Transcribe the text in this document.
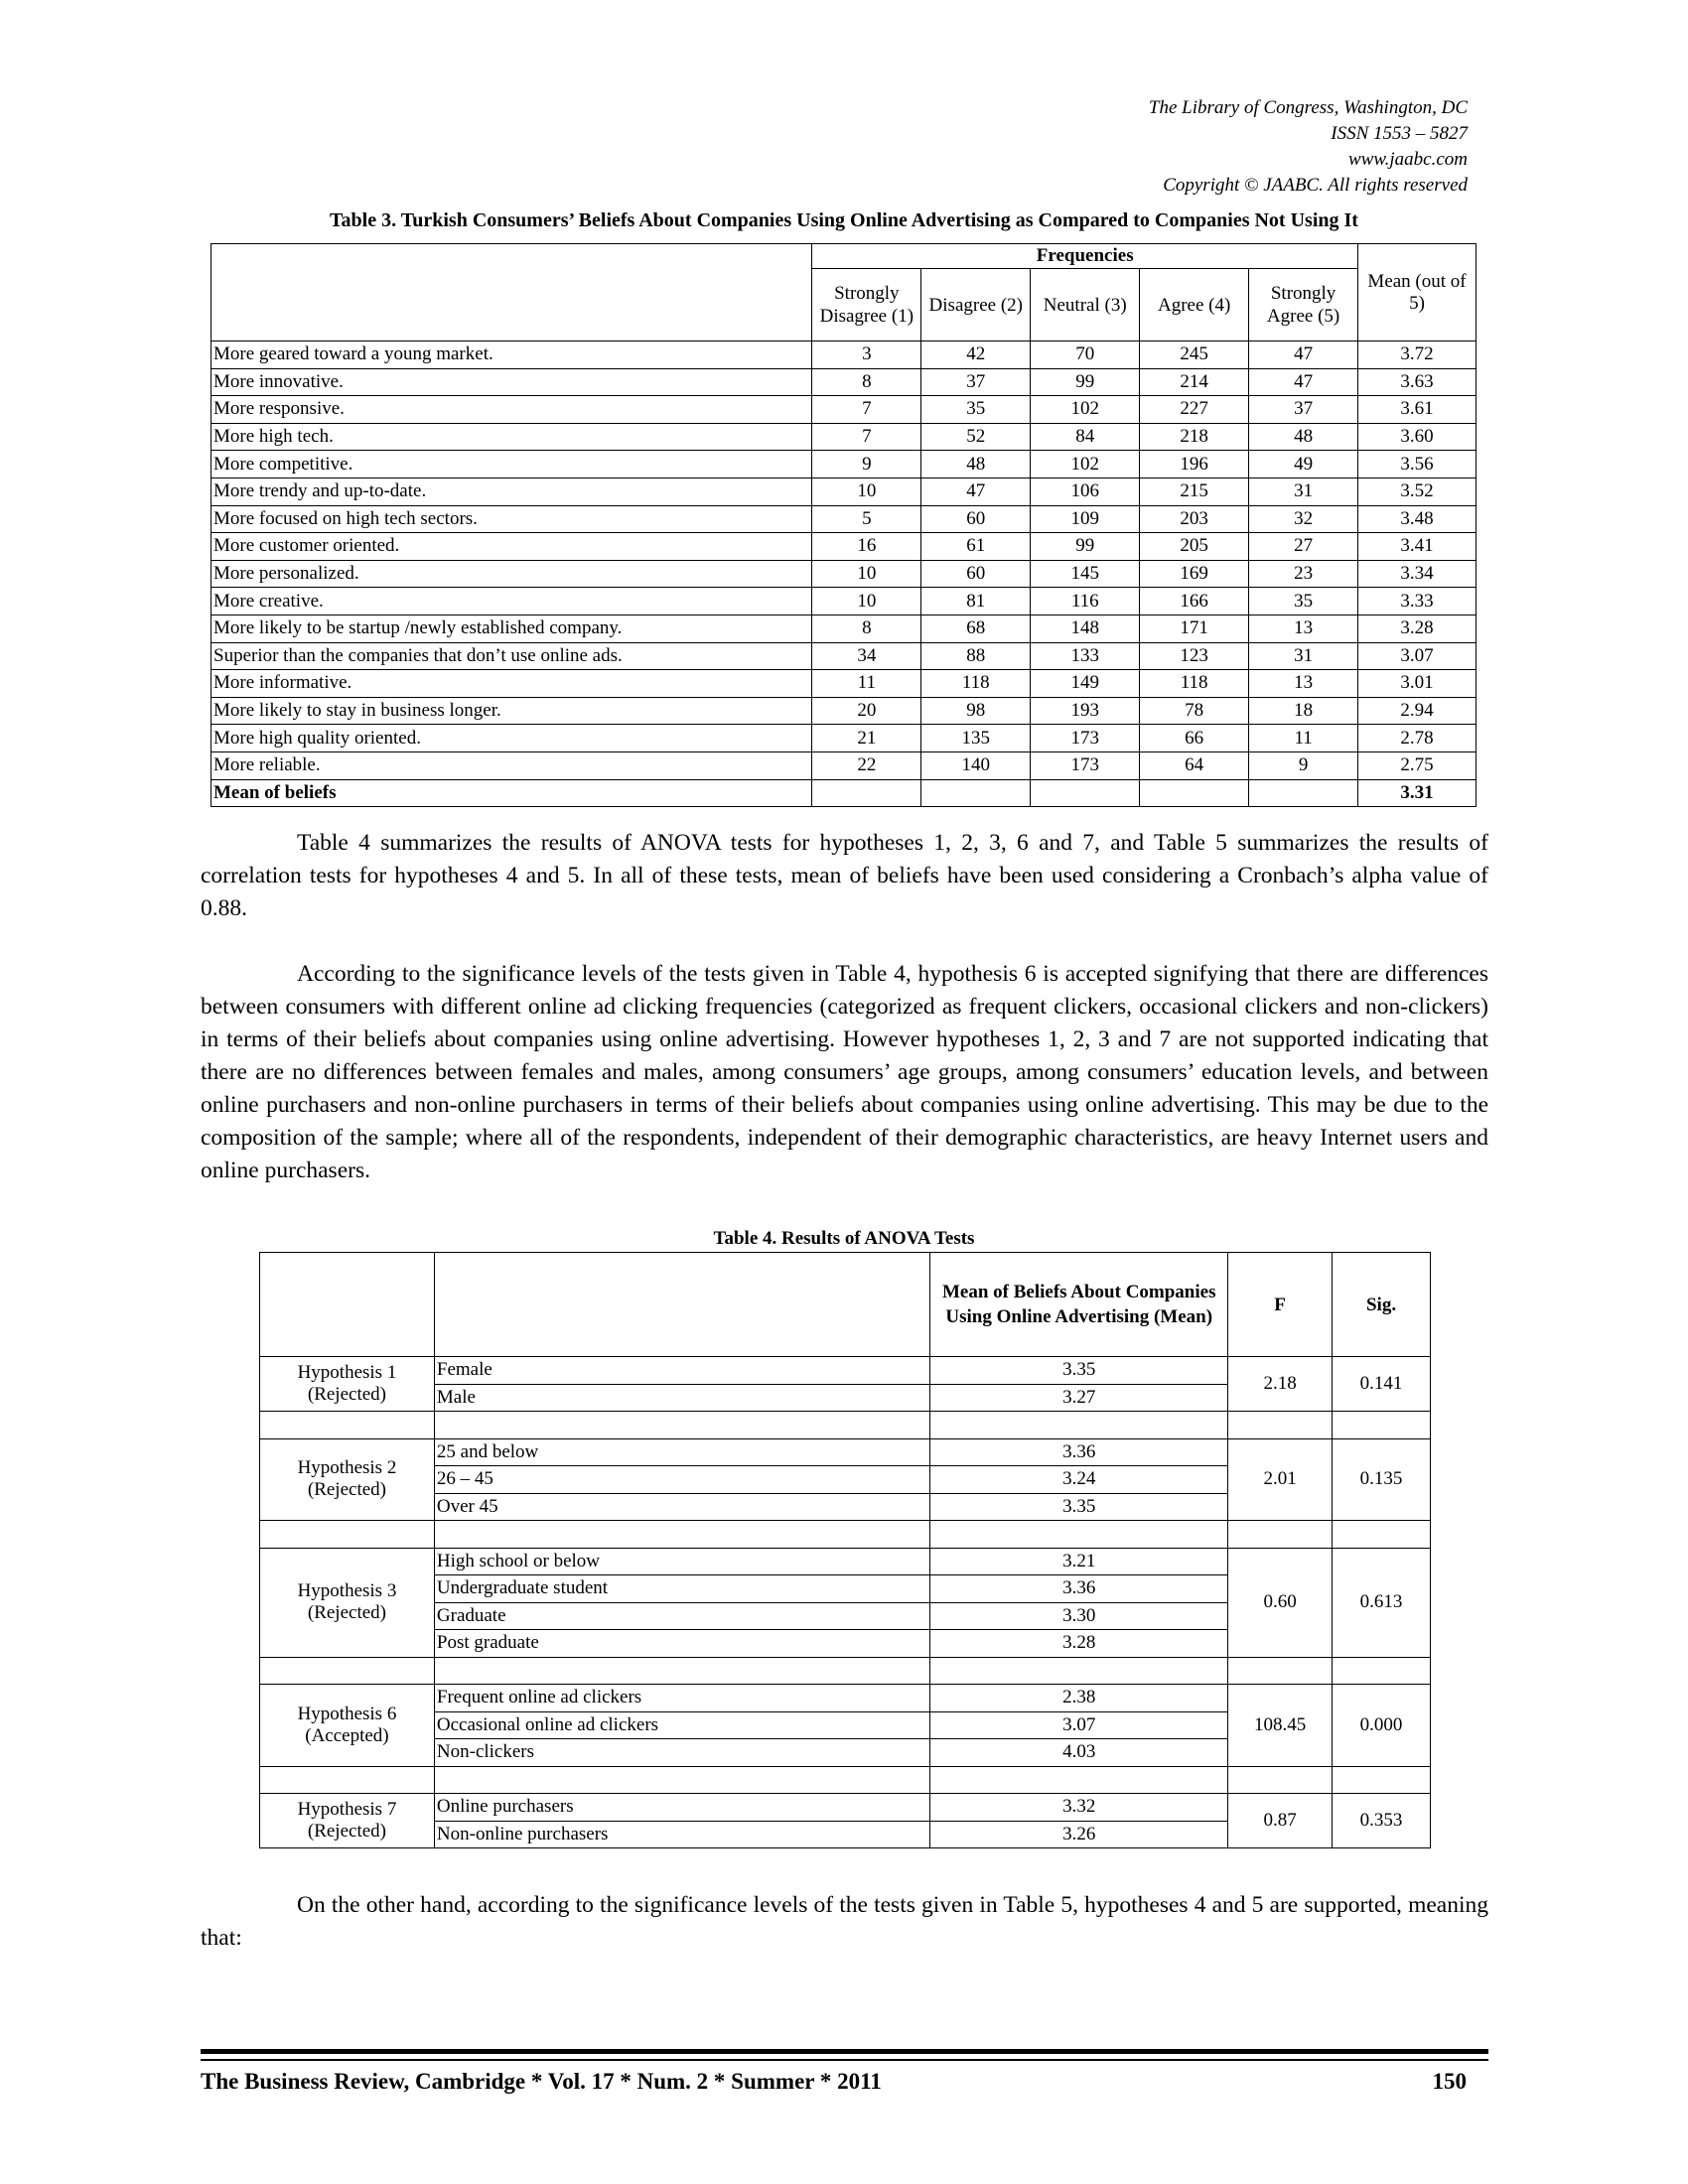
The Library of Congress, Washington, DC
ISSN 1553 – 5827
www.jaabc.com
Copyright © JAABC. All rights reserved
Table 3. Turkish Consumers’ Beliefs About Companies Using Online Advertising as Compared to Companies Not Using It
	Frequencies					Mean (out of 5)
	Strongly Disagree (1)	Disagree (2)	Neutral (3)	Agree (4)	Strongly Agree (5)	
More geared toward a young market.	3	42	70	245	47	3.72
More innovative.	8	37	99	214	47	3.63
More responsive.	7	35	102	227	37	3.61
More high tech.	7	52	84	218	48	3.60
More competitive.	9	48	102	196	49	3.56
More trendy and up-to-date.	10	47	106	215	31	3.52
More focused on high tech sectors.	5	60	109	203	32	3.48
More customer oriented.	16	61	99	205	27	3.41
More personalized.	10	60	145	169	23	3.34
More creative.	10	81	116	166	35	3.33
More likely to be startup /newly established company.	8	68	148	171	13	3.28
Superior than the companies that don’t use online ads.	34	88	133	123	31	3.07
More informative.	11	118	149	118	13	3.01
More likely to stay in business longer.	20	98	193	78	18	2.94
More high quality oriented.	21	135	173	66	11	2.78
More reliable.	22	140	173	64	9	2.75
Mean of beliefs						3.31

Table 4 summarizes the results of ANOVA tests for hypotheses 1, 2, 3, 6 and 7, and Table 5 summarizes the results of correlation tests for hypotheses 4 and 5. In all of these tests, mean of beliefs have been used considering a Cronbach’s alpha value of 0.88.

According to the significance levels of the tests given in Table 4, hypothesis 6 is accepted signifying that there are differences between consumers with different online ad clicking frequencies (categorized as frequent clickers, occasional clickers and non-clickers) in terms of their beliefs about companies using online advertising. However hypotheses 1, 2, 3 and 7 are not supported indicating that there are no differences between females and males, among consumers’ age groups, among consumers’ education levels, and between online purchasers and non-online purchasers in terms of their beliefs about companies using online advertising. This may be due to the composition of the sample; where all of the respondents, independent of their demographic characteristics, are heavy Internet users and online purchasers.

Table 4. Results of ANOVA Tests
		Mean of Beliefs About Companies Using Online Advertising (Mean)	F	Sig.

Hypothesis 1
(Rejected)	Female	3.35	2.18	0.141
	Male	3.27		

Hypothesis 2
(Rejected)	25 and below	3.36	2.01	0.135
	26 – 45	3.24		
	Over 45	3.35		

Hypothesis 3
(Rejected)	High school or below	3.21	0.60	0.613
	Undergraduate student	3.36		
	Graduate	3.30		
	Post graduate	3.28		

Hypothesis 6
(Accepted)	Frequent online ad clickers	2.38	108.45	0.000
	Occasional online ad clickers	3.07		
	Non-clickers	4.03		

Hypothesis 7
(Rejected)	Online purchasers	3.32	0.87	0.353
	Non-online purchasers	3.26		

On the other hand, according to the significance levels of the tests given in Table 5, hypotheses 4 and 5 are supported, meaning that:

The Business Review, Cambridge * Vol. 17 * Num. 2 * Summer * 2011	150
